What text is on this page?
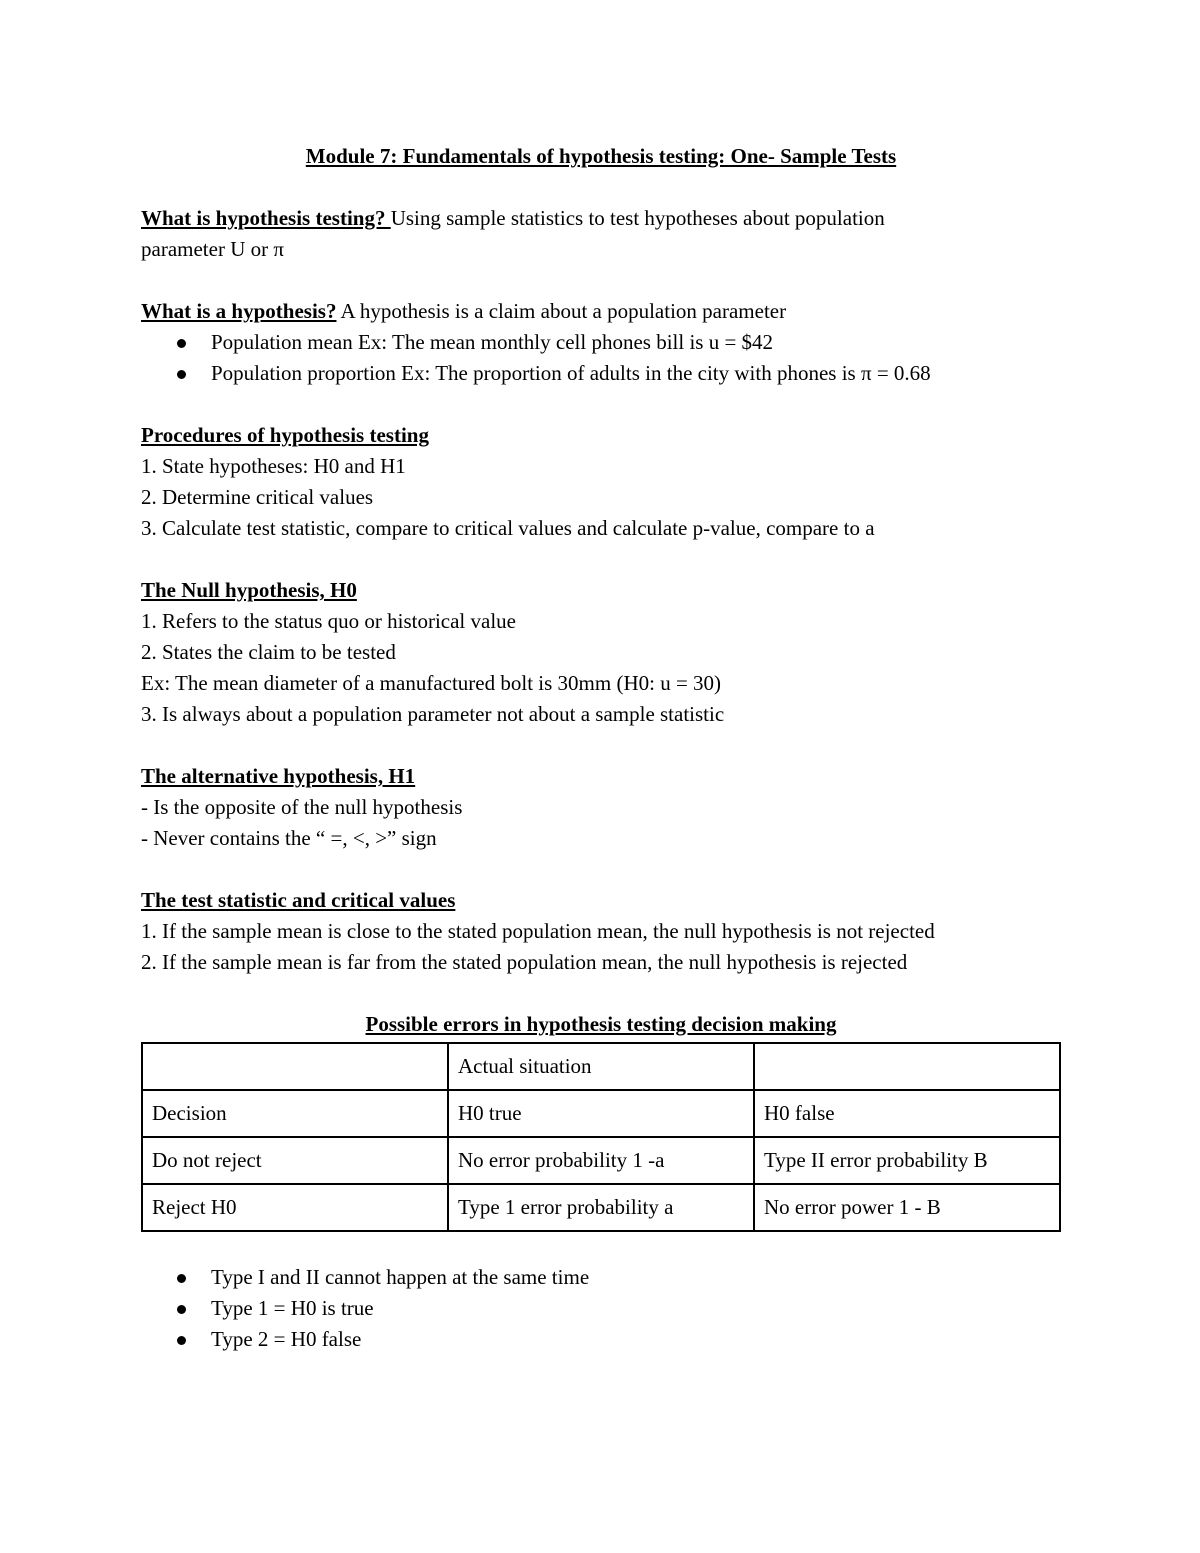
Module 7: Fundamentals of hypothesis testing: One- Sample Tests

What is hypothesis testing? Using sample statistics to test hypotheses about population

parameter U or π

What is a hypothesis? A hypothesis is a claim about a population parameter

Population mean Ex: The mean monthly cell phones bill is u = $42
Population proportion Ex: The proportion of adults in the city with phones is π = 0.68

Procedures of hypothesis testing

1. State hypotheses: H0 and H1

2. Determine critical values

3. Calculate test statistic, compare to critical values and calculate p-value, compare to a

The Null hypothesis, H0

1. Refers to the status quo or historical value

2. States the claim to be tested

Ex: The mean diameter of a manufactured bolt is 30mm (H0: u = 30)

3. Is always about a population parameter not about a sample statistic

The alternative hypothesis, H1

- Is the opposite of the null hypothesis

- Never contains the “ =, <, >” sign

The test statistic and critical values

1. If the sample mean is close to the stated population mean, the null hypothesis is not rejected

2. If the sample mean is far from the stated population mean, the null hypothesis is rejected

Possible errors in hypothesis testing decision making

	Actual situation	
Decision	H0 true	H0 false
Do not reject	No error probability 1 -a	Type II error probability B
Reject H0	Type 1 error probability a	No error power 1 - B
Type I and II cannot happen at the same time
Type 1 = H0 is true
Type 2 = H0 false
